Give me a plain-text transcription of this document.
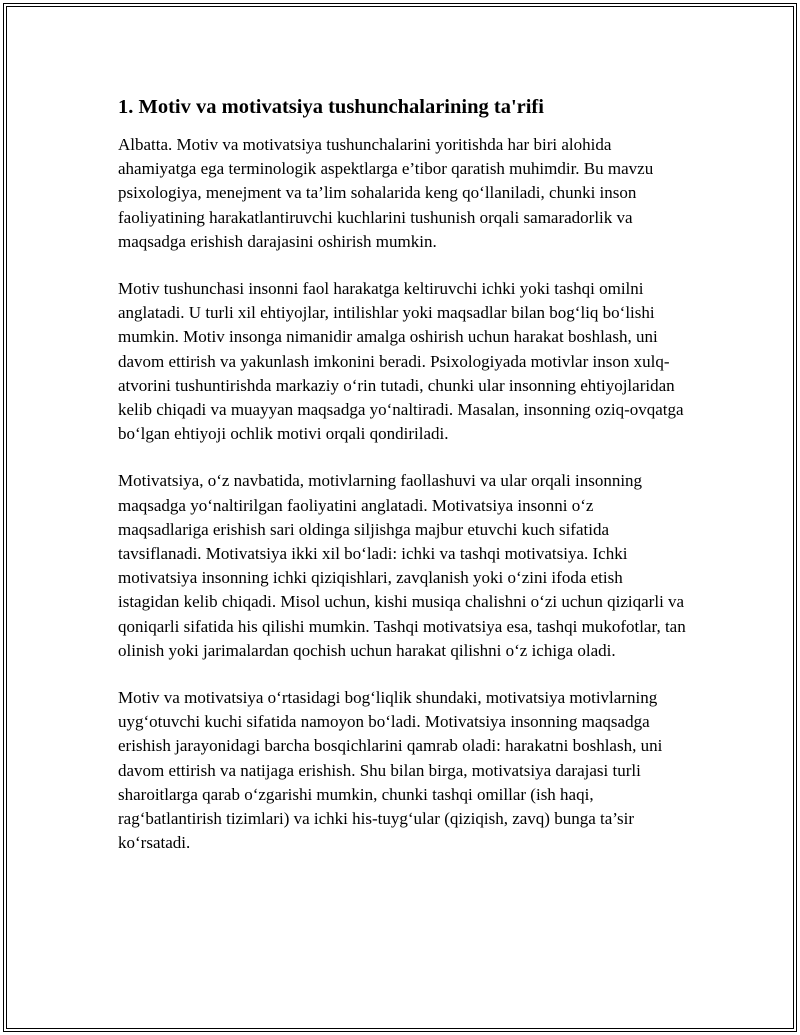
1. Motiv va motivatsiya tushunchalarining ta'rifi

Albatta. Motiv va motivatsiya tushunchalarini yoritishda har biri alohida ahamiyatga ega terminologik aspektlarga e’tibor qaratish muhimdir. Bu mavzu psixologiya, menejment va ta’lim sohalarida keng qo‘llaniladi, chunki inson faoliyatining harakatlantiruvchi kuchlarini tushunish orqali samaradorlik va maqsadga erishish darajasini oshirish mumkin.

Motiv tushunchasi insonni faol harakatga keltiruvchi ichki yoki tashqi omilni anglatadi. U turli xil ehtiyojlar, intilishlar yoki maqsadlar bilan bog‘liq bo‘lishi mumkin. Motiv insonga nimanidir amalga oshirish uchun harakat boshlash, uni davom ettirish va yakunlash imkonini beradi. Psixologiyada motivlar inson xulq-atvorini tushuntirishda markaziy o‘rin tutadi, chunki ular insonning ehtiyojlaridan kelib chiqadi va muayyan maqsadga yo‘naltiradi. Masalan, insonning oziq-ovqatga bo‘lgan ehtiyoji ochlik motivi orqali qondiriladi.

Motivatsiya, o‘z navbatida, motivlarning faollashuvi va ular orqali insonning maqsadga yo‘naltirilgan faoliyatini anglatadi. Motivatsiya insonni o‘z maqsadlariga erishish sari oldinga siljishga majbur etuvchi kuch sifatida tavsiflanadi. Motivatsiya ikki xil bo‘ladi: ichki va tashqi motivatsiya. Ichki motivatsiya insonning ichki qiziqishlari, zavqlanish yoki o‘zini ifoda etish istagidan kelib chiqadi. Misol uchun, kishi musiqa chalishni o‘zi uchun qiziqarli va qoniqarli sifatida his qilishi mumkin. Tashqi motivatsiya esa, tashqi mukofotlar, tan olinish yoki jarimalardan qochish uchun harakat qilishni o‘z ichiga oladi.

Motiv va motivatsiya o‘rtasidagi bog‘liqlik shundaki, motivatsiya motivlarning uyg‘otuvchi kuchi sifatida namoyon bo‘ladi. Motivatsiya insonning maqsadga erishish jarayonidagi barcha bosqichlarini qamrab oladi: harakatni boshlash, uni davom ettirish va natijaga erishish. Shu bilan birga, motivatsiya darajasi turli sharoitlarga qarab o‘zgarishi mumkin, chunki tashqi omillar (ish haqi, rag‘batlantirish tizimlari) va ichki his-tuyg‘ular (qiziqish, zavq) bunga ta’sir ko‘rsatadi.
